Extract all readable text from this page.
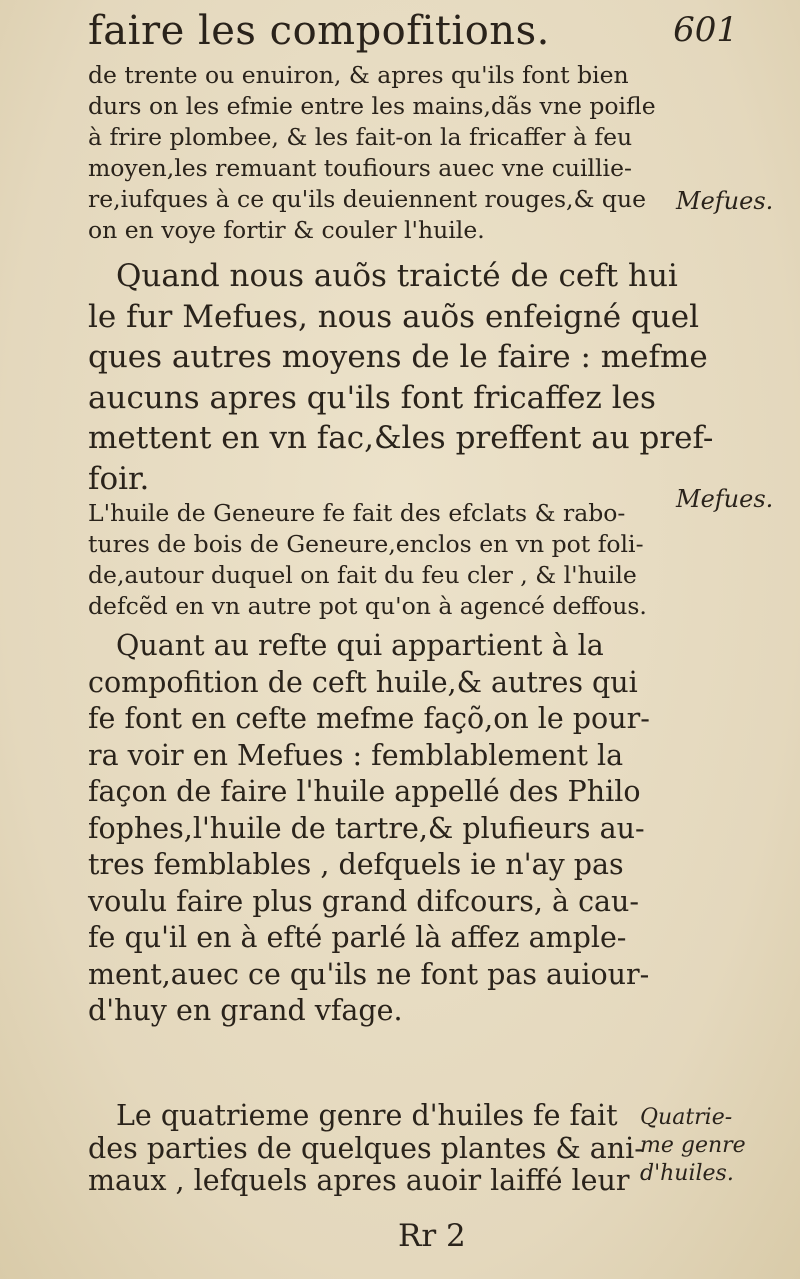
faire les compofitions.	601
de trente ou enuiron, & apres qu'ils font bien
durs on les efmie entre les mains,dãs vne poifle
à frire plombee, & les fait-on la fricaffer à feu
moyen,les remuant toufiours auec vne cuillie-
re,iufques à ce qu'ils deuiennent rouges,& que
on en voye fortir & couler l'huile.
Quand nous auõs traicté de ceft hui
le fur Mefues, nous auõs enfeigné quel
ques autres moyens de le faire : mefme
aucuns apres qu'ils font fricaffez les
mettent en vn fac,&les preffent au pref-
foir.
L'huile de Geneure fe fait des efclats & rabo-
tures de bois de Geneure,enclos en vn pot foli-
de,autour duquel on fait du feu cler , & l'huile
defcẽd en vn autre pot qu'on à agencé deffous.
Quant au refte qui appartient à la
compofition de ceft huile,& autres qui
fe font en cefte mefme façõ,on le pour-
ra voir en Mefues : femblablement la
façon de faire l'huile appellé des Philo
fophes,l'huile de tartre,& plufieurs au-
tres femblables , defquels ie n'ay pas
voulu faire plus grand difcours, à cau-
fe qu'il en à efté parlé là affez ample-
ment,auec ce qu'ils ne font pas auiour-
d'huy en grand vfage.
Le quatrieme genre d'huiles fe fait
des parties de quelques plantes & ani-
maux , lefquels apres auoir laiffé leur
Mefues.
Mefues.
Quatrie-
me genre
d'huiles.
Rr 2
